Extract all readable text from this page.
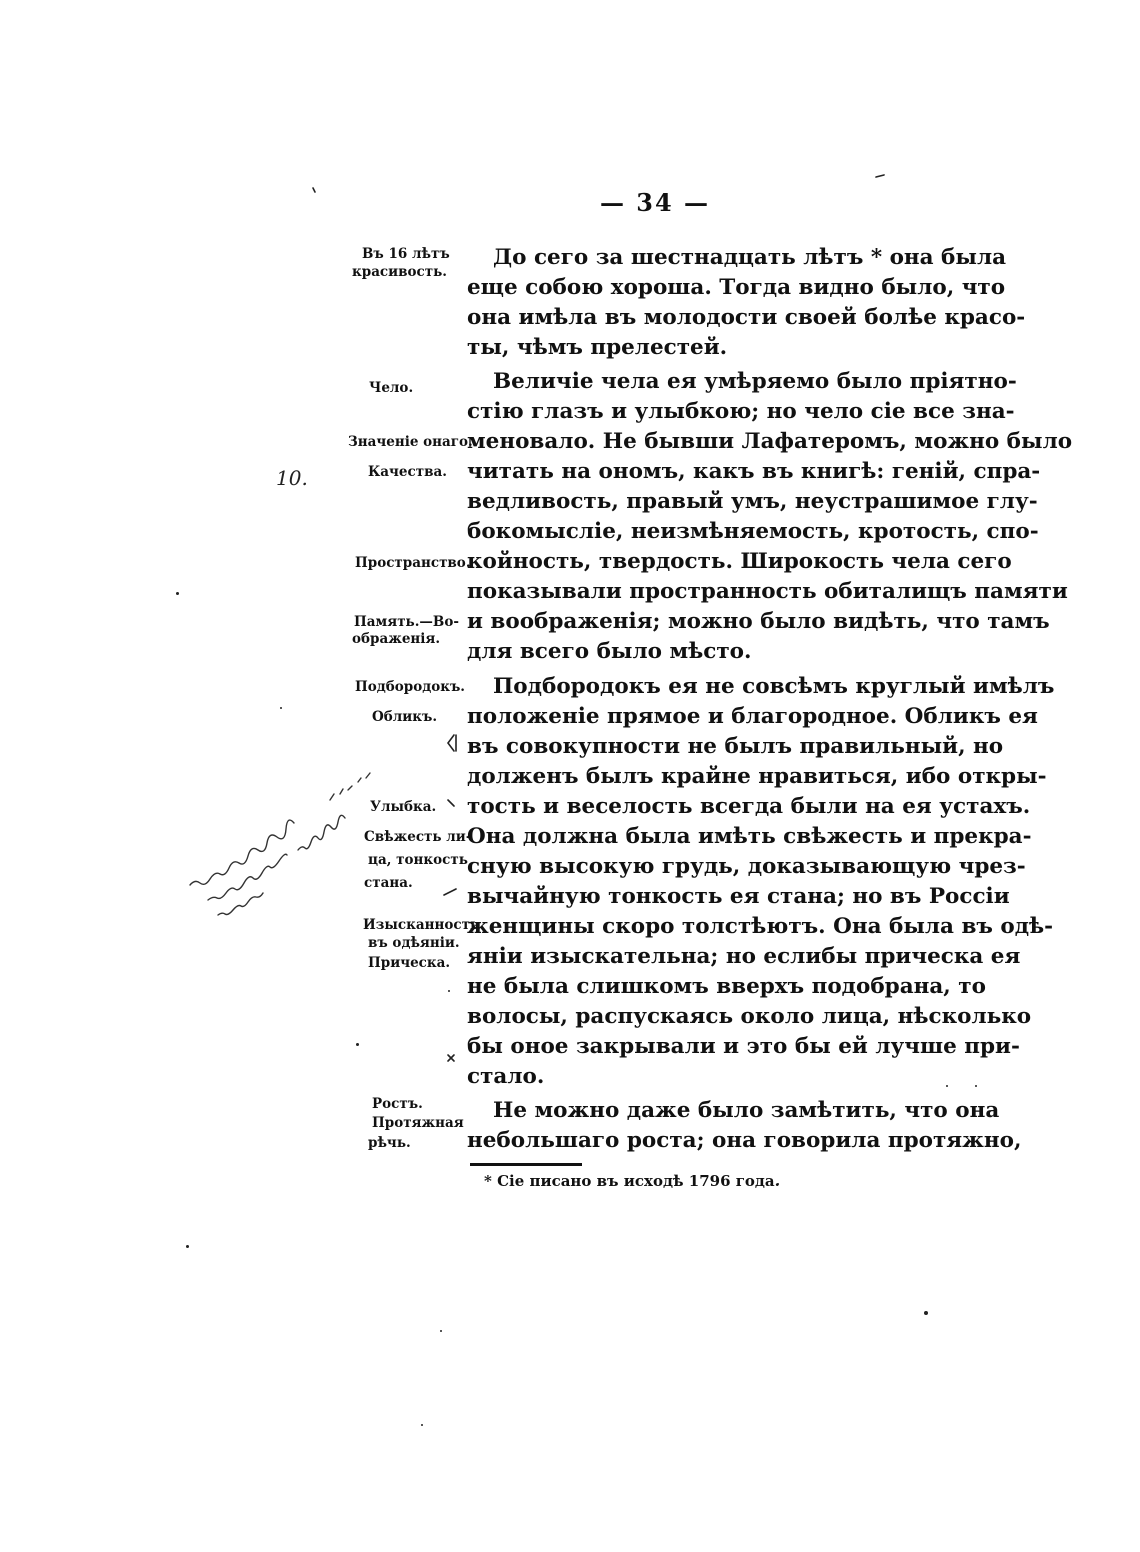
— 34 —
До сего за шестнадцать лѣтъ * она была
еще собою хороша. Тогда видно было, что
она имѣла въ молодости своей болѣе красо-
ты, чѣмъ прелестей.
Величіе чела ея умѣряемо было пріятно-
стію глазъ и улыбкою; но чело сіе все зна-
меновало. Не бывши Лафатеромъ, можно было
читать на ономъ, какъ въ книгѣ: геній, спра-
ведливость, правый умъ, неустрашимое глу-
бокомысліе, неизмѣняемость, кротость, спо-
койность, твердость. Широкость чела сего
показывали пространность обиталищъ памяти
и воображенія; можно было видѣть, что тамъ
для всего было мѣсто.
Подбородокъ ея не совсѣмъ круглый имѣлъ
положеніе прямое и благородное. Обликъ ея
въ совокупности не былъ правильный, но
долженъ былъ крайне нравиться, ибо откры-
тость и веселость всегда были на ея устахъ.
Она должна была имѣть свѣжесть и прекра-
сную высокую грудь, доказывающую чрез-
вычайную тонкость ея стана; но въ Россіи
женщины скоро толстѣютъ. Она была въ одѣ-
яніи изыскательна; но еслибы прическа ея
не была слишкомъ вверхъ подобрана, то
волосы, распускаясь около лица, нѣсколько
бы оное закрывали и это бы ей лучше при-
стало.
Не можно даже было замѣтить, что она
небольшаго роста; она говорила протяжно,
Въ 16 лѣтъ
красивость.
Чело.
Значеніе онаго.
Качества.
Пространство.
Память.—Во-
ображенія.
Подбородокъ.
Обликъ.
Улыбка.
Свѣжесть ли-
ца, тонкость
стана.
Изысканность
въ одѣяніи.
Прическа.
Ростъ.
Протяжная
рѣчь.
10.
* Сіе писано въ исходѣ 1796 года.
